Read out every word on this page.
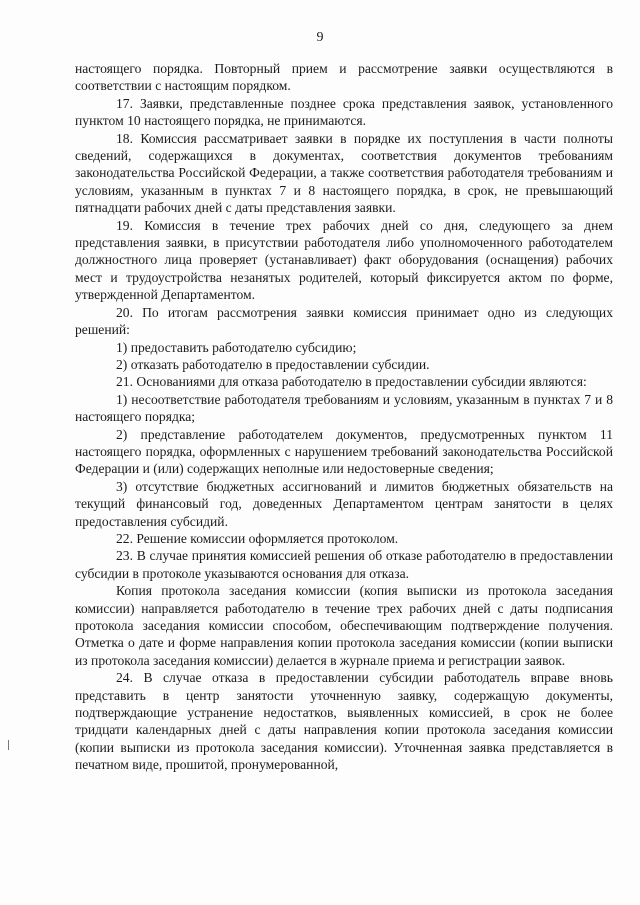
9

настоящего порядка. Повторный прием и рассмотрение заявки осуществляются в соответствии с настоящим порядком.

17. Заявки, представленные позднее срока представления заявок, установленного пунктом 10 настоящего порядка, не принимаются.

18. Комиссия рассматривает заявки в порядке их поступления в части полноты сведений, содержащихся в документах, соответствия документов требованиям законодательства Российской Федерации, а также соответствия работодателя требованиям и условиям, указанным в пунктах 7 и 8 настоящего порядка, в срок, не превышающий пятнадцати рабочих дней с даты представления заявки.

19. Комиссия в течение трех рабочих дней со дня, следующего за днем представления заявки, в присутствии работодателя либо уполномоченного работодателем должностного лица проверяет (устанавливает) факт оборудования (оснащения) рабочих мест и трудоустройства незанятых родителей, который фиксируется актом по форме, утвержденной Департаментом.

20. По итогам рассмотрения заявки комиссия принимает одно из следующих решений:

1) предоставить работодателю субсидию;

2) отказать работодателю в предоставлении субсидии.

21. Основаниями для отказа работодателю в предоставлении субсидии являются:

1) несоответствие работодателя требованиям и условиям, указанным в пунктах 7 и 8 настоящего порядка;

2) представление работодателем документов, предусмотренных пунктом 11 настоящего порядка, оформленных с нарушением требований законодательства Российской Федерации и (или) содержащих неполные или недостоверные сведения;

3) отсутствие бюджетных ассигнований и лимитов бюджетных обязательств на текущий финансовый год, доведенных Департаментом центрам занятости в целях предоставления субсидий.

22. Решение комиссии оформляется протоколом.

23. В случае принятия комиссией решения об отказе работодателю в предоставлении субсидии в протоколе указываются основания для отказа.

Копия протокола заседания комиссии (копия выписки из протокола заседания комиссии) направляется работодателю в течение трех рабочих дней с даты подписания протокола заседания комиссии способом, обеспечивающим подтверждение получения. Отметка о дате и форме направления копии протокола заседания комиссии (копии выписки из протокола заседания комиссии) делается в журнале приема и регистрации заявок.

24. В случае отказа в предоставлении субсидии работодатель вправе вновь представить в центр занятости уточненную заявку, содержащую документы, подтверждающие устранение недостатков, выявленных комиссией, в срок не более тридцати календарных дней с даты направления копии протокола заседания комиссии (копии выписки из протокола заседания комиссии). Уточненная заявка представляется в печатном виде, прошитой, пронумерованной,
